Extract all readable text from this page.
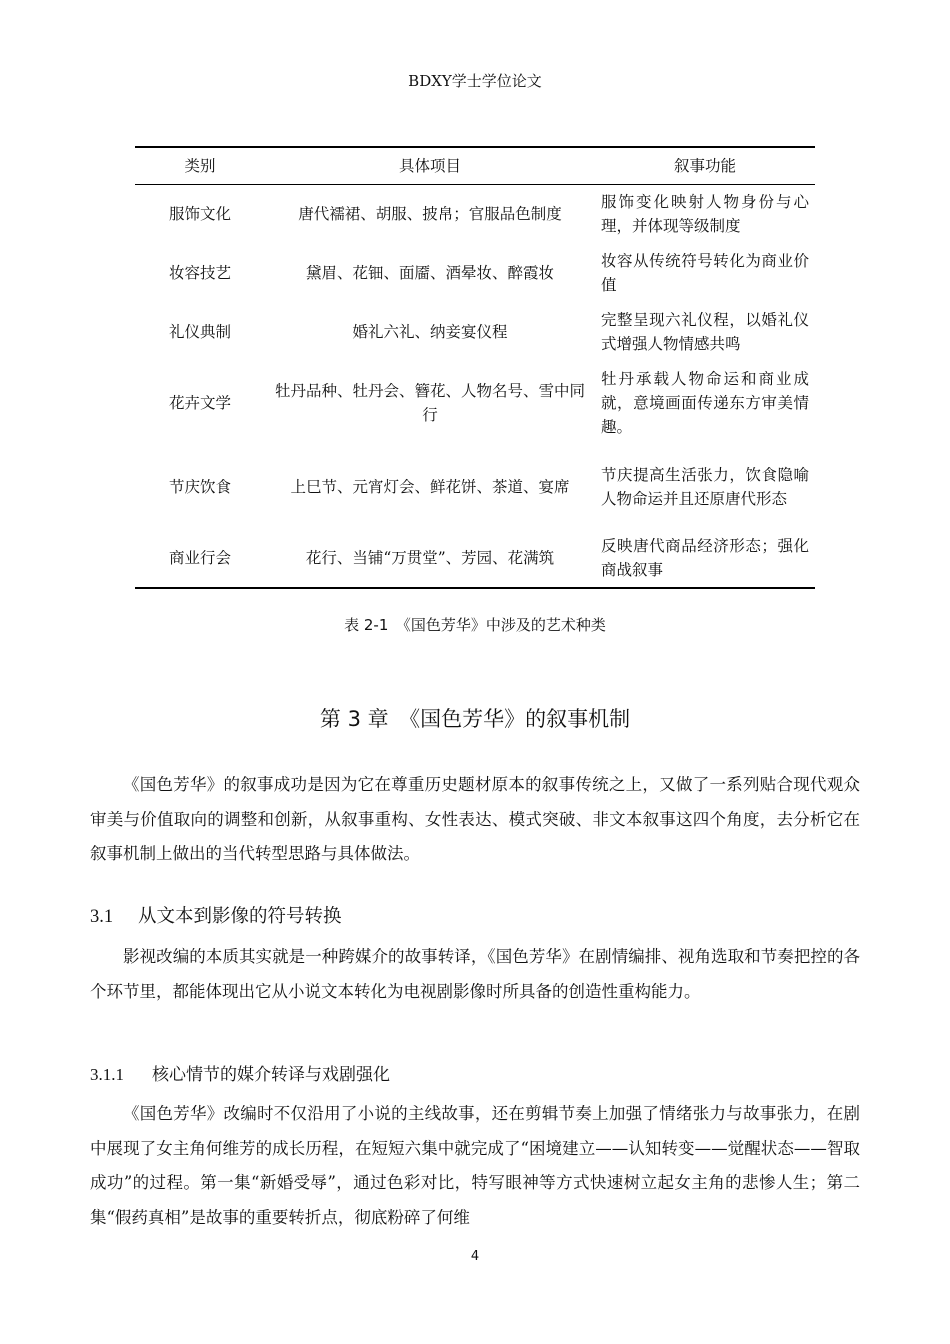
BDXY学士学位论文
类别	具体项目	叙事功能
服饰文化	唐代襦裙、胡服、披帛；官服品色制度	服饰变化映射人物身份与心理，并体现等级制度
妆容技艺	黛眉、花钿、面靥、酒晕妆、醉霞妆	妆容从传统符号转化为商业价值
礼仪典制	婚礼六礼、纳妾宴仪程	完整呈现六礼仪程，以婚礼仪式增强人物情感共鸣
花卉文学	牡丹品种、牡丹会、簪花、人物名号、雪中同行	牡丹承载人物命运和商业成就，意境画面传递东方审美情趣。
节庆饮食	上巳节、元宵灯会、鲜花饼、茶道、宴席	节庆提高生活张力，饮食隐喻人物命运并且还原唐代形态
商业行会	花行、当铺“万贯堂”、芳园、花满筑	反映唐代商品经济形态；强化商战叙事
表 2-1　《国色芳华》中涉及的艺术种类
第 3 章　《国色芳华》的叙事机制

《国色芳华》的叙事成功是因为它在尊重历史题材原本的叙事传统之上，又做了一系列贴合现代观众审美与价值取向的调整和创新，从叙事重构、女性表达、模式突破、非文本叙事这四个角度，去分析它在叙事机制上做出的当代转型思路与具体做法。

3.1 从文本到影像的符号转换

影视改编的本质其实就是一种跨媒介的故事转译，《国色芳华》在剧情编排、视角选取和节奏把控的各个环节里，都能体现出它从小说文本转化为电视剧影像时所具备的创造性重构能力。

3.1.1 核心情节的媒介转译与戏剧强化

《国色芳华》改编时不仅沿用了小说的主线故事，还在剪辑节奏上加强了情绪张力与故事张力，在剧中展现了女主角何维芳的成长历程，在短短六集中就完成了“困境建立——认知转变——觉醒状态——智取成功”的过程。第一集“新婚受辱”，通过色彩对比，特写眼神等方式快速树立起女主角的悲惨人生；第二集“假药真相”是故事的重要转折点，彻底粉碎了何维

4
